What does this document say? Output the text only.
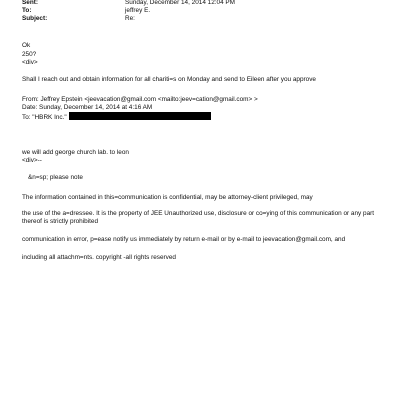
Sent:	Sunday, December 14, 2014 12:04 PM
To:	jeffrey E.
Subject:	Re:
Ok
250?
<div>
Shall I reach out and obtain information for all chariti=s on Monday and send to Eileen after you approve
From: Jeffrey Epstein <jeevacation@gmail.com <mailto:jeev=cation@gmail.com> >
Date: Sunday, December 14, 2014 at 4:16 AM
To: "HBRK Inc."
we will add george church lab. to leon
<div>--
&n=sp; please note
The information contained in this=communication is confidential, may be attorney-client privileged, may
the use of the a=dressee. It is the property of JEE Unauthorized use, disclosure or co=ying of this communication or any part thereof is strictly prohibited
communication in error, p=ease notify us immediately by return e-mail or by e-mail to jeevacation@gmail.com, and
including all attachm=nts. copyright -all rights reserved
